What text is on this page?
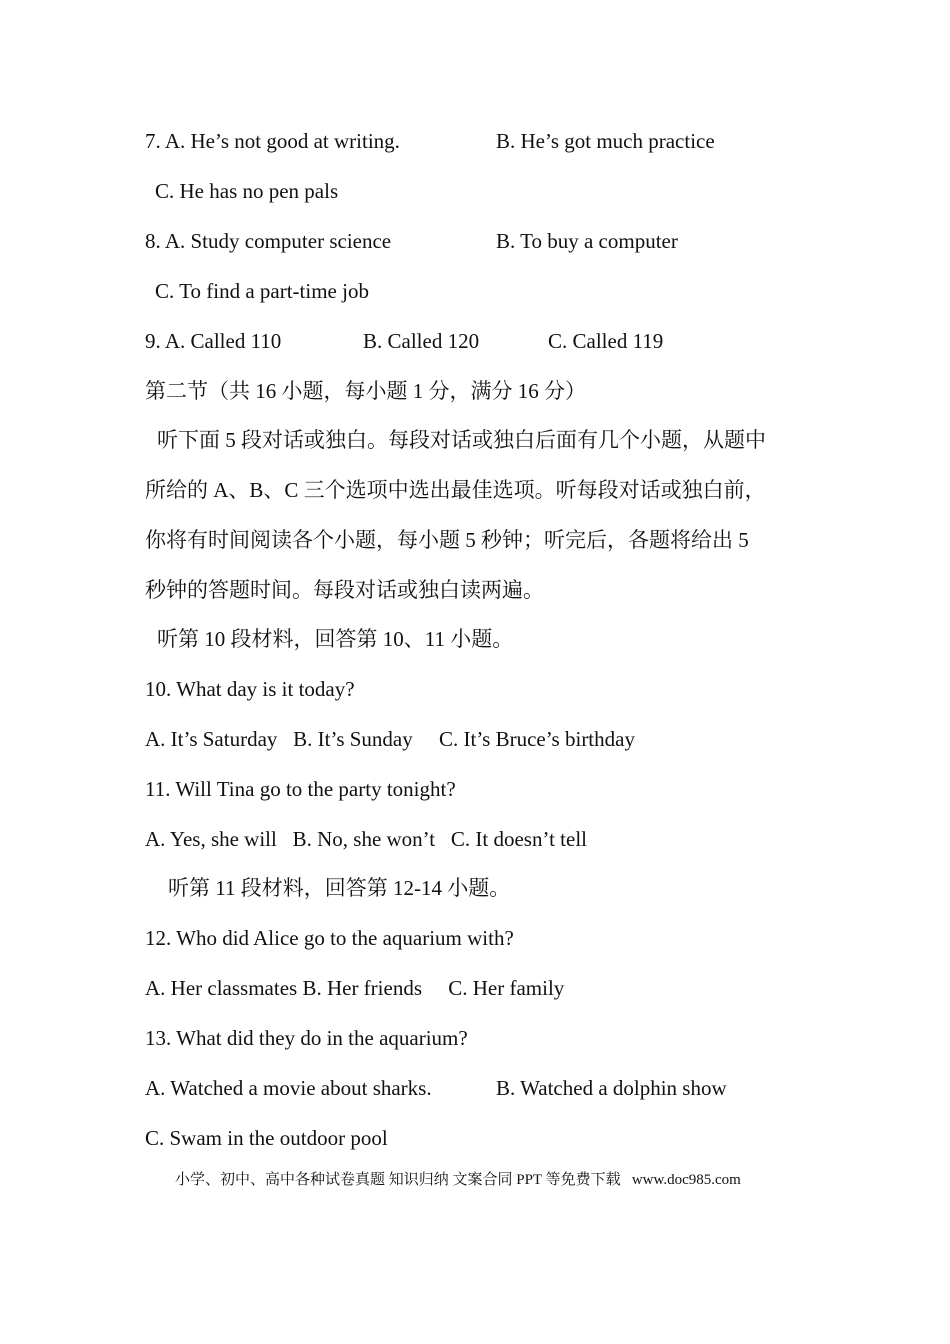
7. A. He’s not good at writing.

	B. He’s got much practice

C. He has no pen pals

8. A. Study computer science

	B. To buy a computer

C. To find a part-time job

9. A. Called 110

	B. Called 120

	C. Called 119

第二节（共 16 小题，每小题 1 分，满分 16 分）
听下面 5 段对话或独白。每段对话或独白后面有几个小题，从题中
所给的 A、B、C 三个选项中选出最佳选项。听每段对话或独白前，
你将有时间阅读各个小题，每小题 5 秒钟；听完后，各题将给出 5
秒钟的答题时间。每段对话或独白读两遍。
听第 10 段材料，回答第 10、11 小题。
10. What day is it today?
A. It’s Saturday   B. It’s Sunday     C. It’s Bruce’s birthday
11. Will Tina go to the party tonight?
A. Yes, she will   B. No, she won’t   C. It doesn’t tell
听第 11 段材料，回答第 12-14 小题。
12. Who did Alice go to the aquarium with?
A. Her classmates B. Her friends     C. Her family
13. What did they do in the aquarium?

A. Watched a movie about sharks.

	B. Watched a dolphin show

C. Swam in the outdoor pool
小学、初中、高中各种试卷真题 知识归纳 文案合同 PPT 等免费下载   www.doc985.com
